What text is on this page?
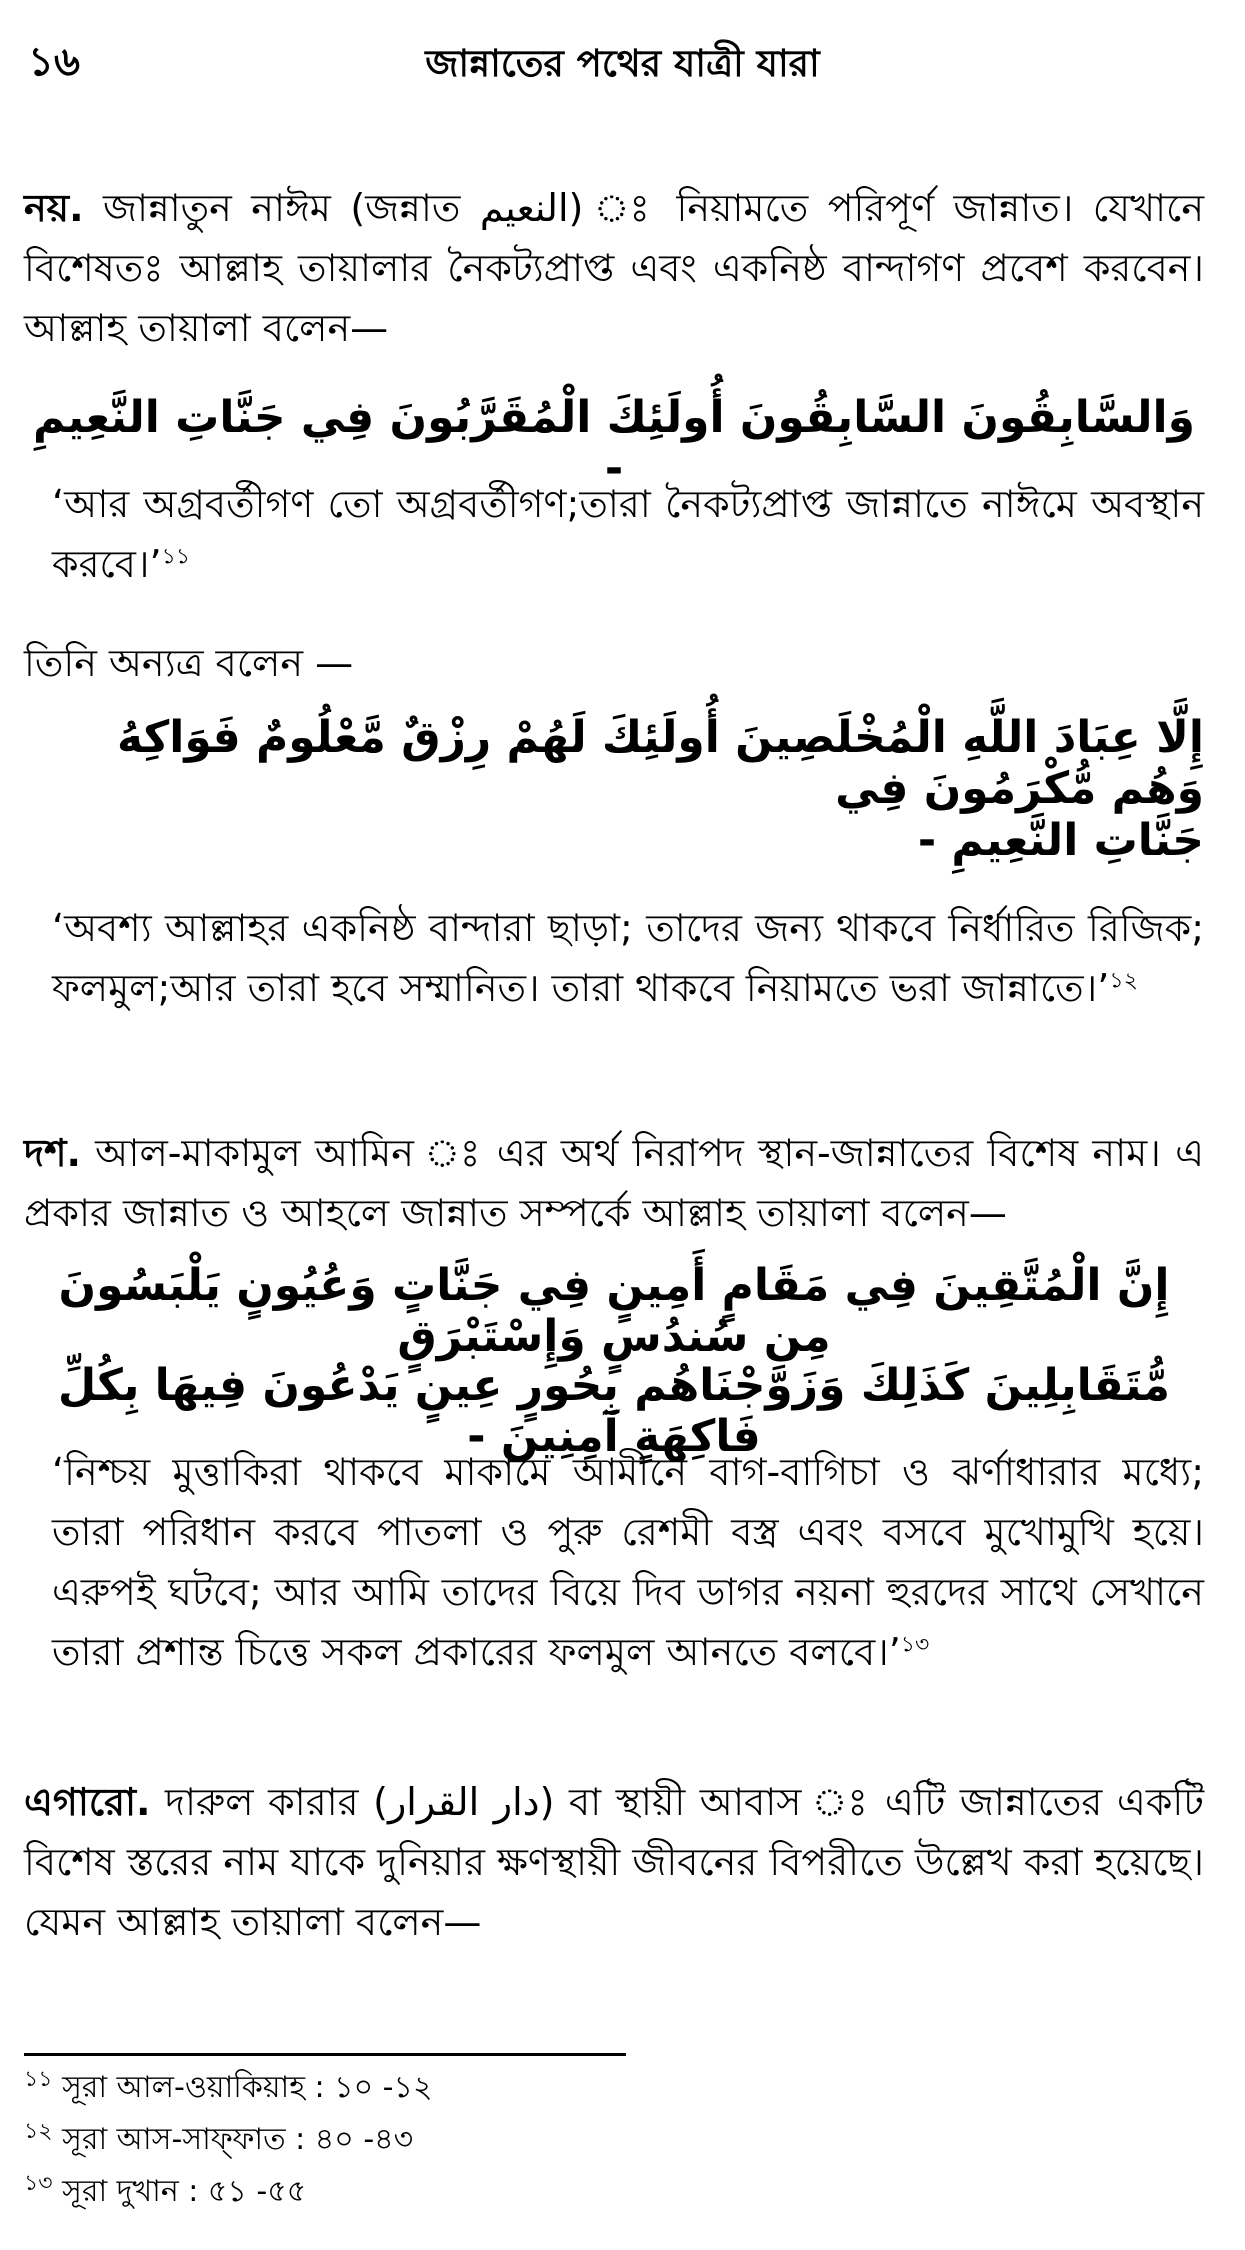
১৬	জান্নাতের পথের যাত্রী যারা
নয়. জান্নাতুন নাঈম (জন্নাত النعيم) ঃ নিয়ামতে পরিপূর্ণ জান্নাত। যেখানে বিশেষতঃ আল্লাহ তায়ালার নৈকট্যপ্রাপ্ত এবং একনিষ্ঠ বান্দাগণ প্রবেশ করবেন। আল্লাহ তায়ালা বলেন—
وَالسَّابِقُونَ السَّابِقُونَ أُولَئِكَ الْمُقَرَّبُونَ فِي جَنَّاتِ النَّعِيمِ -
‘আর অগ্রবর্তীগণ তো অগ্রবর্তীগণ;তারা নৈকট্যপ্রাপ্ত জান্নাতে নাঈমে অবস্থান করবে।’$^{১১}$
তিনি অন্যত্র বলেন —
إِلَّا عِبَادَ اللَّهِ الْمُخْلَصِينَ أُولَئِكَ لَهُمْ رِزْقٌ مَّعْلُومٌ فَوَاكِهُ وَهُم مُّكْرَمُونَ فِي
جَنَّاتِ النَّعِيمِ -
‘অবশ্য আল্লাহর একনিষ্ঠ বান্দারা ছাড়া; তাদের জন্য থাকবে নির্ধারিত রিজিক; ফলমুল;আর তারা হবে সম্মানিত। তারা থাকবে নিয়ামতে ভরা জান্নাতে।’$^{১২}$
দশ. আল-মাকামুল আমিন ঃ এর অর্থ নিরাপদ স্থান-জান্নাতের বিশেষ নাম। এ প্রকার জান্নাত ও আহলে জান্নাত সম্পর্কে আল্লাহ তায়ালা বলেন—
إِنَّ الْمُتَّقِينَ فِي مَقَامٍ أَمِينٍ فِي جَنَّاتٍ وَعُيُونٍ يَلْبَسُونَ مِن سُندُسٍ وَإِسْتَبْرَقٍ
مُّتَقَابِلِينَ كَذَلِكَ وَزَوَّجْنَاهُم بِحُورٍ عِينٍ يَدْعُونَ فِيهَا بِكُلِّ فَاكِهَةٍ آمِنِينَ -
‘নিশ্চয় মুত্তাকিরা থাকবে মাকামে আমীনে বাগ-বাগিচা ও ঝর্ণাধারার মধ্যে; তারা পরিধান করবে পাতলা ও পুরু রেশমী বস্ত্র এবং বসবে মুখোমুখি হয়ে। এরুপই ঘটবে; আর আমি তাদের বিয়ে দিব ডাগর নয়না হুরদের সাথে সেখানে তারা প্রশান্ত চিত্তে সকল প্রকারের ফলমুল আনতে বলবে।’$^{১৩}$
এগারো. দারুল কারার (دار القرار) বা স্থায়ী আবাস ঃ এটি জান্নাতের একটি বিশেষ স্তরের নাম যাকে দুনিয়ার ক্ষণস্থায়ী জীবনের বিপরীতে উল্লেখ করা হয়েছে। যেমন আল্লাহ তায়ালা বলেন—
$^{১১}$ সূরা আল-ওয়াকিয়াহ : ১০ -১২
$^{১২}$ সূরা আস-সাফ্‌ফাত : ৪০ -৪৩
$^{১৩}$ সূরা দুখান : ৫১ -৫৫
